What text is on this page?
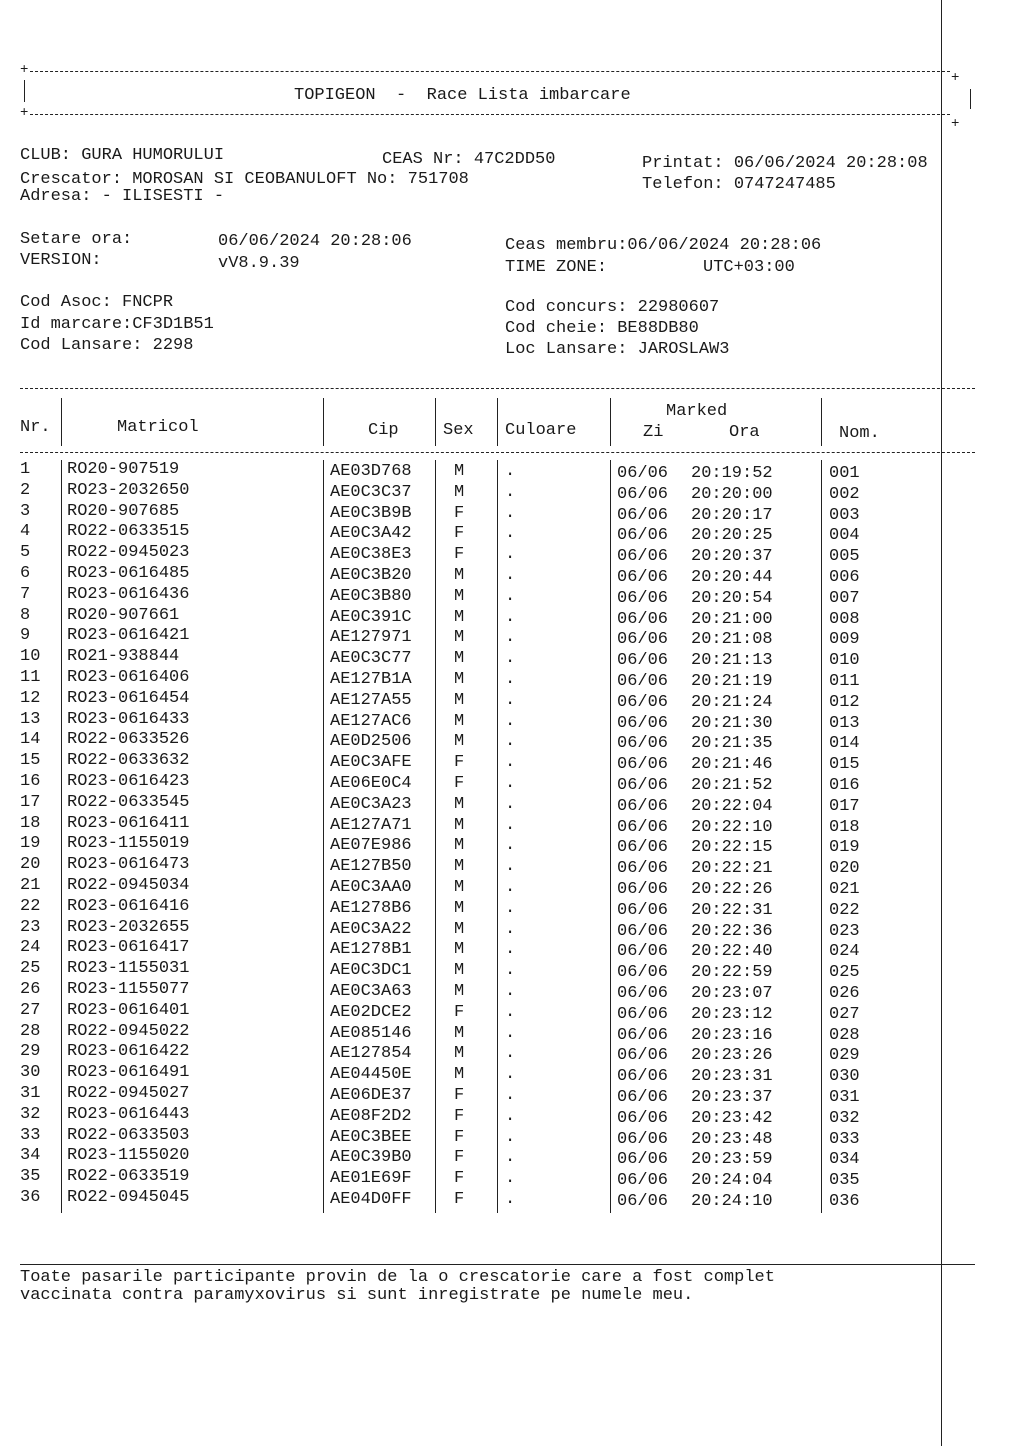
+	+
TOPIGEON  -  Race Lista imbarcare
+
+
CLUB: GURA HUMORULUI	CEAS Nr: 47C2DD50	Printat: 06/06/2024 20:28:08
Crescator: MOROSAN SI CEOBANULOFT No: 751708	Telefon: 0747247485
Adresa: - ILISESTI -
Setare ora:	06/06/2024 20:28:06
VERSION:	vV8.9.39
Ceas membru:06/06/2024 20:28:06
TIME ZONE:	UTC+03:00
Cod Asoc: FNCPR
Id marcare:CF3D1B51
Cod Lansare: 2298
Cod concurs: 22980607
Cod cheie: BE88DB80
Loc Lansare: JAROSLAW3
Nr.	Matricol	Cip	Sex Culoare
Marked
Zi	Ora	Nom.
1 RO20-907519	AE03D768 M .	06/06 20:19:52	001
2 RO23-2032650	AE0C3C37 M .	06/06 20:20:00	002
3 RO20-907685	AE0C3B9B F .	06/06 20:20:17	003
4 RO22-0633515	AE0C3A42 F .	06/06 20:20:25	004
5 RO22-0945023	AE0C38E3 F .	06/06 20:20:37	005
6 RO23-0616485	AE0C3B20 M .	06/06 20:20:44	006
7 RO23-0616436	AE0C3B80 M .	06/06 20:20:54	007
8 RO20-907661	AE0C391C M .	06/06 20:21:00	008
9 RO23-0616421	AE127971 M .	06/06 20:21:08	009
10 RO21-938844	AE0C3C77 M .	06/06 20:21:13	010
11 RO23-0616406	AE127B1A M .	06/06 20:21:19	011
12 RO23-0616454	AE127A55 M .	06/06 20:21:24	012
13 RO23-0616433	AE127AC6 M .	06/06 20:21:30	013
14 RO22-0633526	AE0D2506 M .	06/06 20:21:35	014
15 RO22-0633632	AE0C3AFE F .	06/06 20:21:46	015
16 RO23-0616423	AE06E0C4 F .	06/06 20:21:52	016
17 RO22-0633545	AE0C3A23 M .	06/06 20:22:04	017
18 RO23-0616411	AE127A71 M .	06/06 20:22:10	018
19 RO23-1155019	AE07E986 M .	06/06 20:22:15	019
20 RO23-0616473	AE127B50 M .	06/06 20:22:21	020
21 RO22-0945034	AE0C3AA0 M .	06/06 20:22:26	021
22 RO23-0616416	AE1278B6 M .	06/06 20:22:31	022
23 RO23-2032655	AE0C3A22 M .	06/06 20:22:36	023
24 RO23-0616417	AE1278B1 M .	06/06 20:22:40	024
25 RO23-1155031	AE0C3DC1 M .	06/06 20:22:59	025
26 RO23-1155077	AE0C3A63 M .	06/06 20:23:07	026
27 RO23-0616401	AE02DCE2 F .	06/06 20:23:12	027
28 RO22-0945022	AE085146 M .	06/06 20:23:16	028
29 RO23-0616422	AE127854 M .	06/06 20:23:26	029
30 RO23-0616491	AE04450E M .	06/06 20:23:31	030
31 RO22-0945027	AE06DE37 F .	06/06 20:23:37	031
32 RO23-0616443	AE08F2D2 F .	06/06 20:23:42	032
33 RO22-0633503	AE0C3BEE F .	06/06 20:23:48	033
34 RO23-1155020	AE0C39B0 F .	06/06 20:23:59	034
35 RO22-0633519	AE01E69F F .	06/06 20:24:04	035
36 RO22-0945045	AE04D0FF F .	06/06 20:24:10	036
Toate pasarile participante provin de la o crescatorie care a fost complet
vaccinata contra paramyxovirus si sunt inregistrate pe numele meu.
